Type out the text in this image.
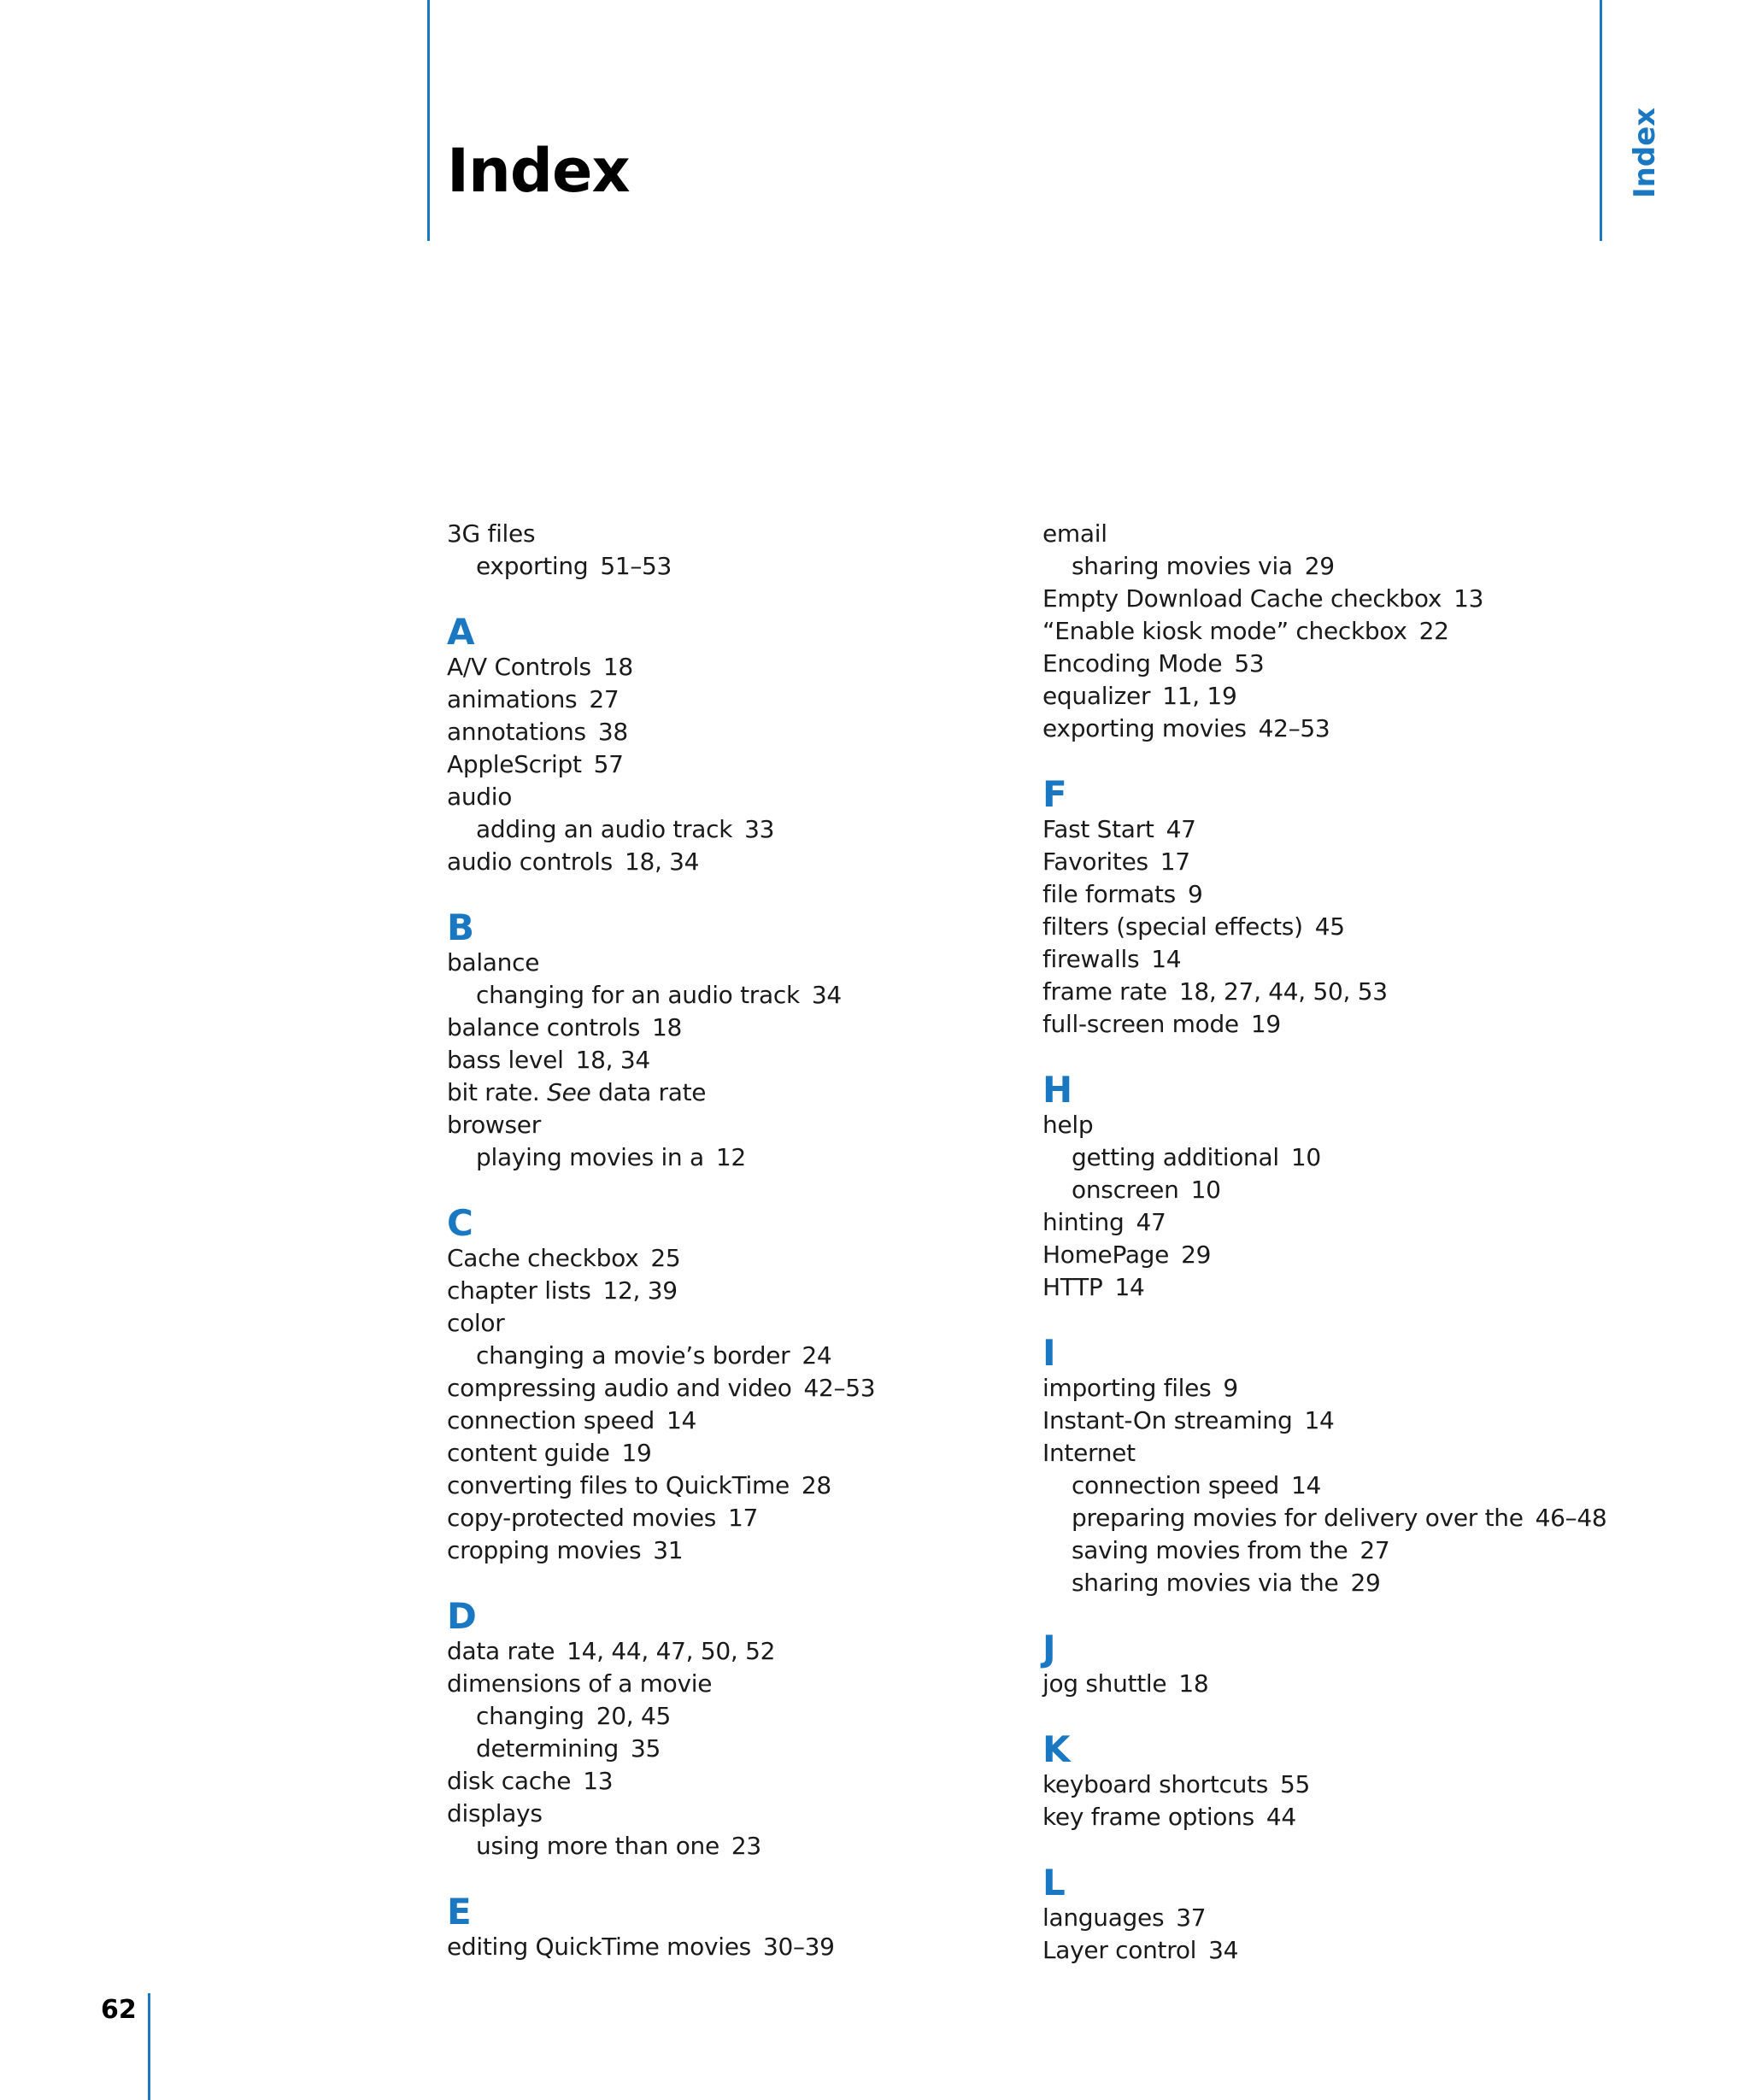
Index	Index
3G files
exporting 51–53
A
A/V Controls 18
animations 27
annotations 38
AppleScript 57
audio
adding an audio track 33
audio controls 18, 34
B
balance
changing for an audio track 34
balance controls 18
bass level 18, 34
bit rate. See data rate
browser
playing movies in a 12
C
Cache checkbox 25
chapter lists 12, 39
color
changing a movie’s border 24
compressing audio and video 42–53
connection speed 14
content guide 19
converting files to QuickTime 28
copy-protected movies 17
cropping movies 31
D
data rate 14, 44, 47, 50, 52
dimensions of a movie
changing 20, 45
determining 35
disk cache 13
displays
using more than one 23
E
editing QuickTime movies 30–39
email
sharing movies via 29
Empty Download Cache checkbox 13
“Enable kiosk mode” checkbox 22
Encoding Mode 53
equalizer 11, 19
exporting movies 42–53
F
Fast Start 47
Favorites 17
file formats 9
filters (special effects) 45
firewalls 14
frame rate 18, 27, 44, 50, 53
full-screen mode 19
H
help
getting additional 10
onscreen 10
hinting 47
HomePage 29
HTTP 14
I
importing files 9
Instant-On streaming 14
Internet
connection speed 14
preparing movies for delivery over the 46–48
saving movies from the 27
sharing movies via the 29
J
jog shuttle 18
K
keyboard shortcuts 55
key frame options 44
L
languages 37
Layer control 34
62
